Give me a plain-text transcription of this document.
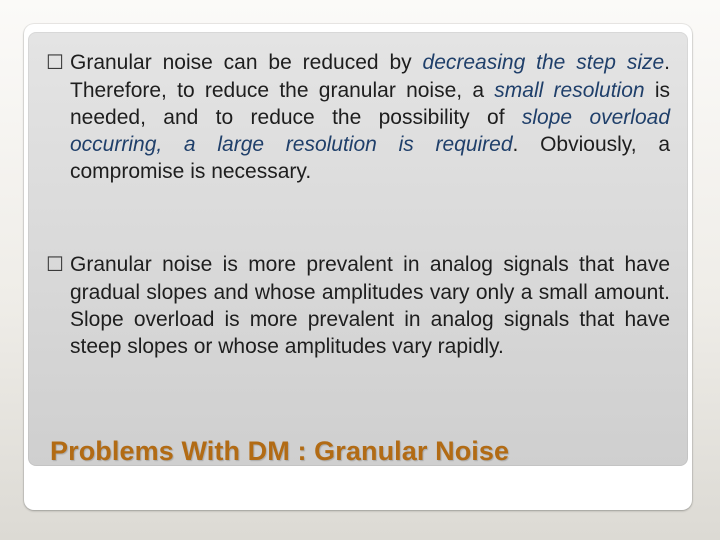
☐ Granular noise can be reduced by decreasing the step size. Therefore, to reduce the granular noise, a small resolution is needed, and to reduce the possibility of slope overload occurring, a large resolution is required. Obviously, a compromise is necessary.

☐ Granular noise is more prevalent in analog signals that have gradual slopes and whose amplitudes vary only a small amount. Slope overload is more prevalent in analog signals that have steep slopes or whose amplitudes vary rapidly.

Problems With DM : Granular Noise
